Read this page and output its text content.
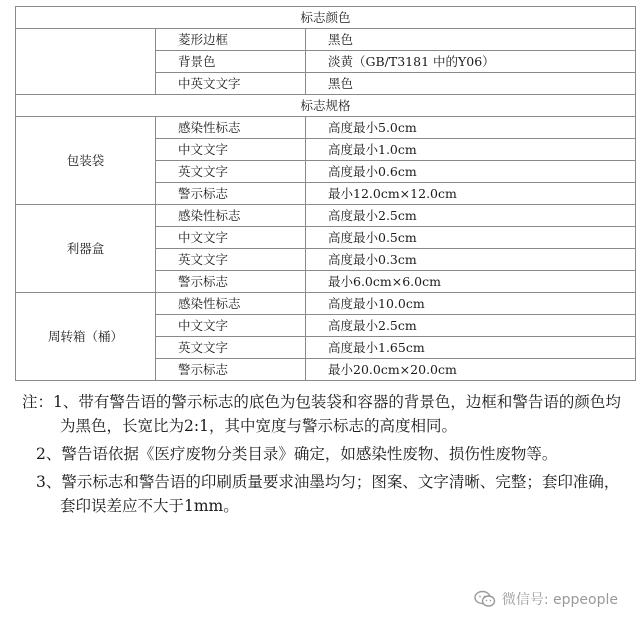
标志颜色		
	菱形边框	黑色
	背景色	淡黄（GB/T3181 中的Y06）
	中英文文字	黑色
标志规格		
包装袋	感染性标志	高度最小5.0cm
	中文文字	高度最小1.0cm
	英文文字	高度最小0.6cm
	警示标志	最小12.0cm×12.0cm
利器盒	感染性标志	高度最小2.5cm
	中文文字	高度最小0.5cm
	英文文字	高度最小0.3cm
	警示标志	最小6.0cm×6.0cm
周转箱（桶）	感染性标志	高度最小10.0cm
	中文文字	高度最小2.5cm
	英文文字	高度最小1.65cm
	警示标志	最小20.0cm×20.0cm

注：1、带有警告语的警示标志的底色为包装袋和容器的背景色，边框和警告语的颜色均为黑色，长宽比为2:1，其中宽度与警示标志的高度相同。

2、警告语依据《医疗废物分类目录》确定，如感染性废物、损伤性废物等。

3、警示标志和警告语的印刷质量要求油墨均匀；图案、文字清晰、完整；套印准确，套印误差应不大于1mm。

微信号: eppeople
